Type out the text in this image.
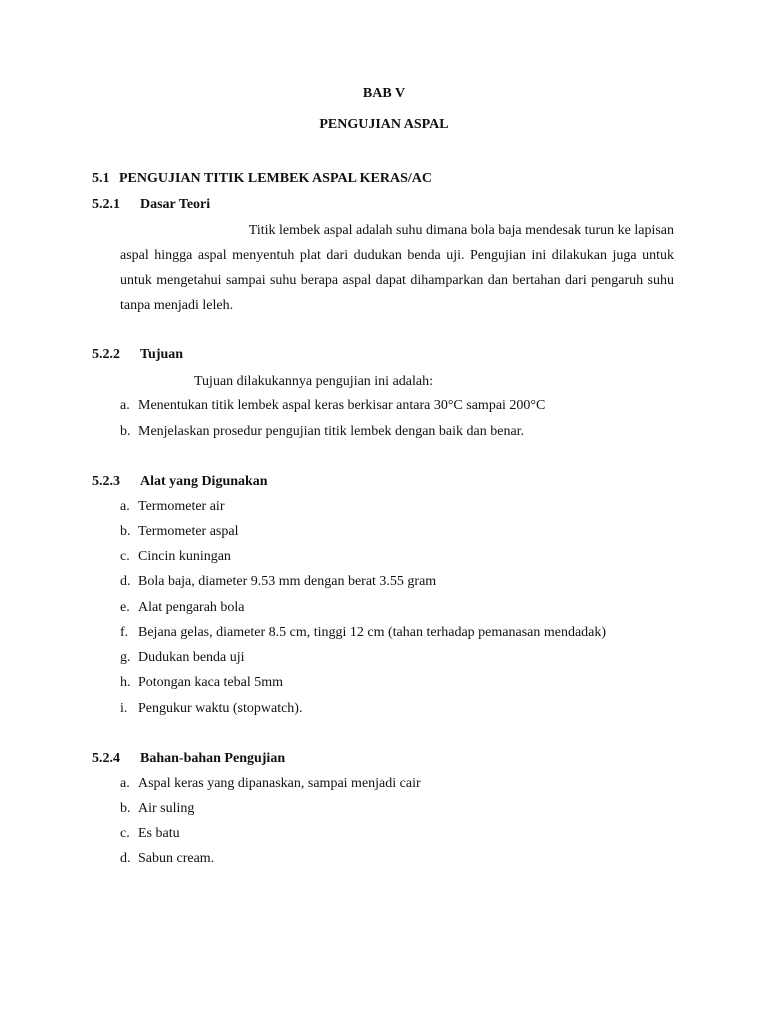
BAB V
PENGUJIAN ASPAL
5.1 PENGUJIAN TITIK LEMBEK ASPAL KERAS/AC
5.2.1 Dasar Teori
Titik lembek aspal adalah suhu dimana bola baja mendesak turun ke lapisan
aspal hingga aspal menyentuh plat dari dudukan benda uji. Pengujian ini dilakukan juga untuk untuk mengetahui sampai suhu berapa aspal dapat dihamparkan dan bertahan dari pengaruh suhu tanpa menjadi leleh.
5.2.2 Tujuan
Tujuan dilakukannya pengujian ini adalah:
a. Menentukan titik lembek aspal keras berkisar antara 30°C sampai 200°C
b. Menjelaskan prosedur pengujian titik lembek dengan baik dan benar.
5.2.3 Alat yang Digunakan
a. Termometer air
b. Termometer aspal
c. Cincin kuningan
d. Bola baja, diameter 9.53 mm dengan berat 3.55 gram
e. Alat pengarah bola
f. Bejana gelas, diameter 8.5 cm, tinggi 12 cm (tahan terhadap pemanasan mendadak)
g. Dudukan benda uji
h. Potongan kaca tebal 5mm
i. Pengukur waktu (stopwatch).
5.2.4 Bahan-bahan Pengujian
a. Aspal keras yang dipanaskan, sampai menjadi cair
b. Air suling
c. Es batu
d. Sabun cream.
